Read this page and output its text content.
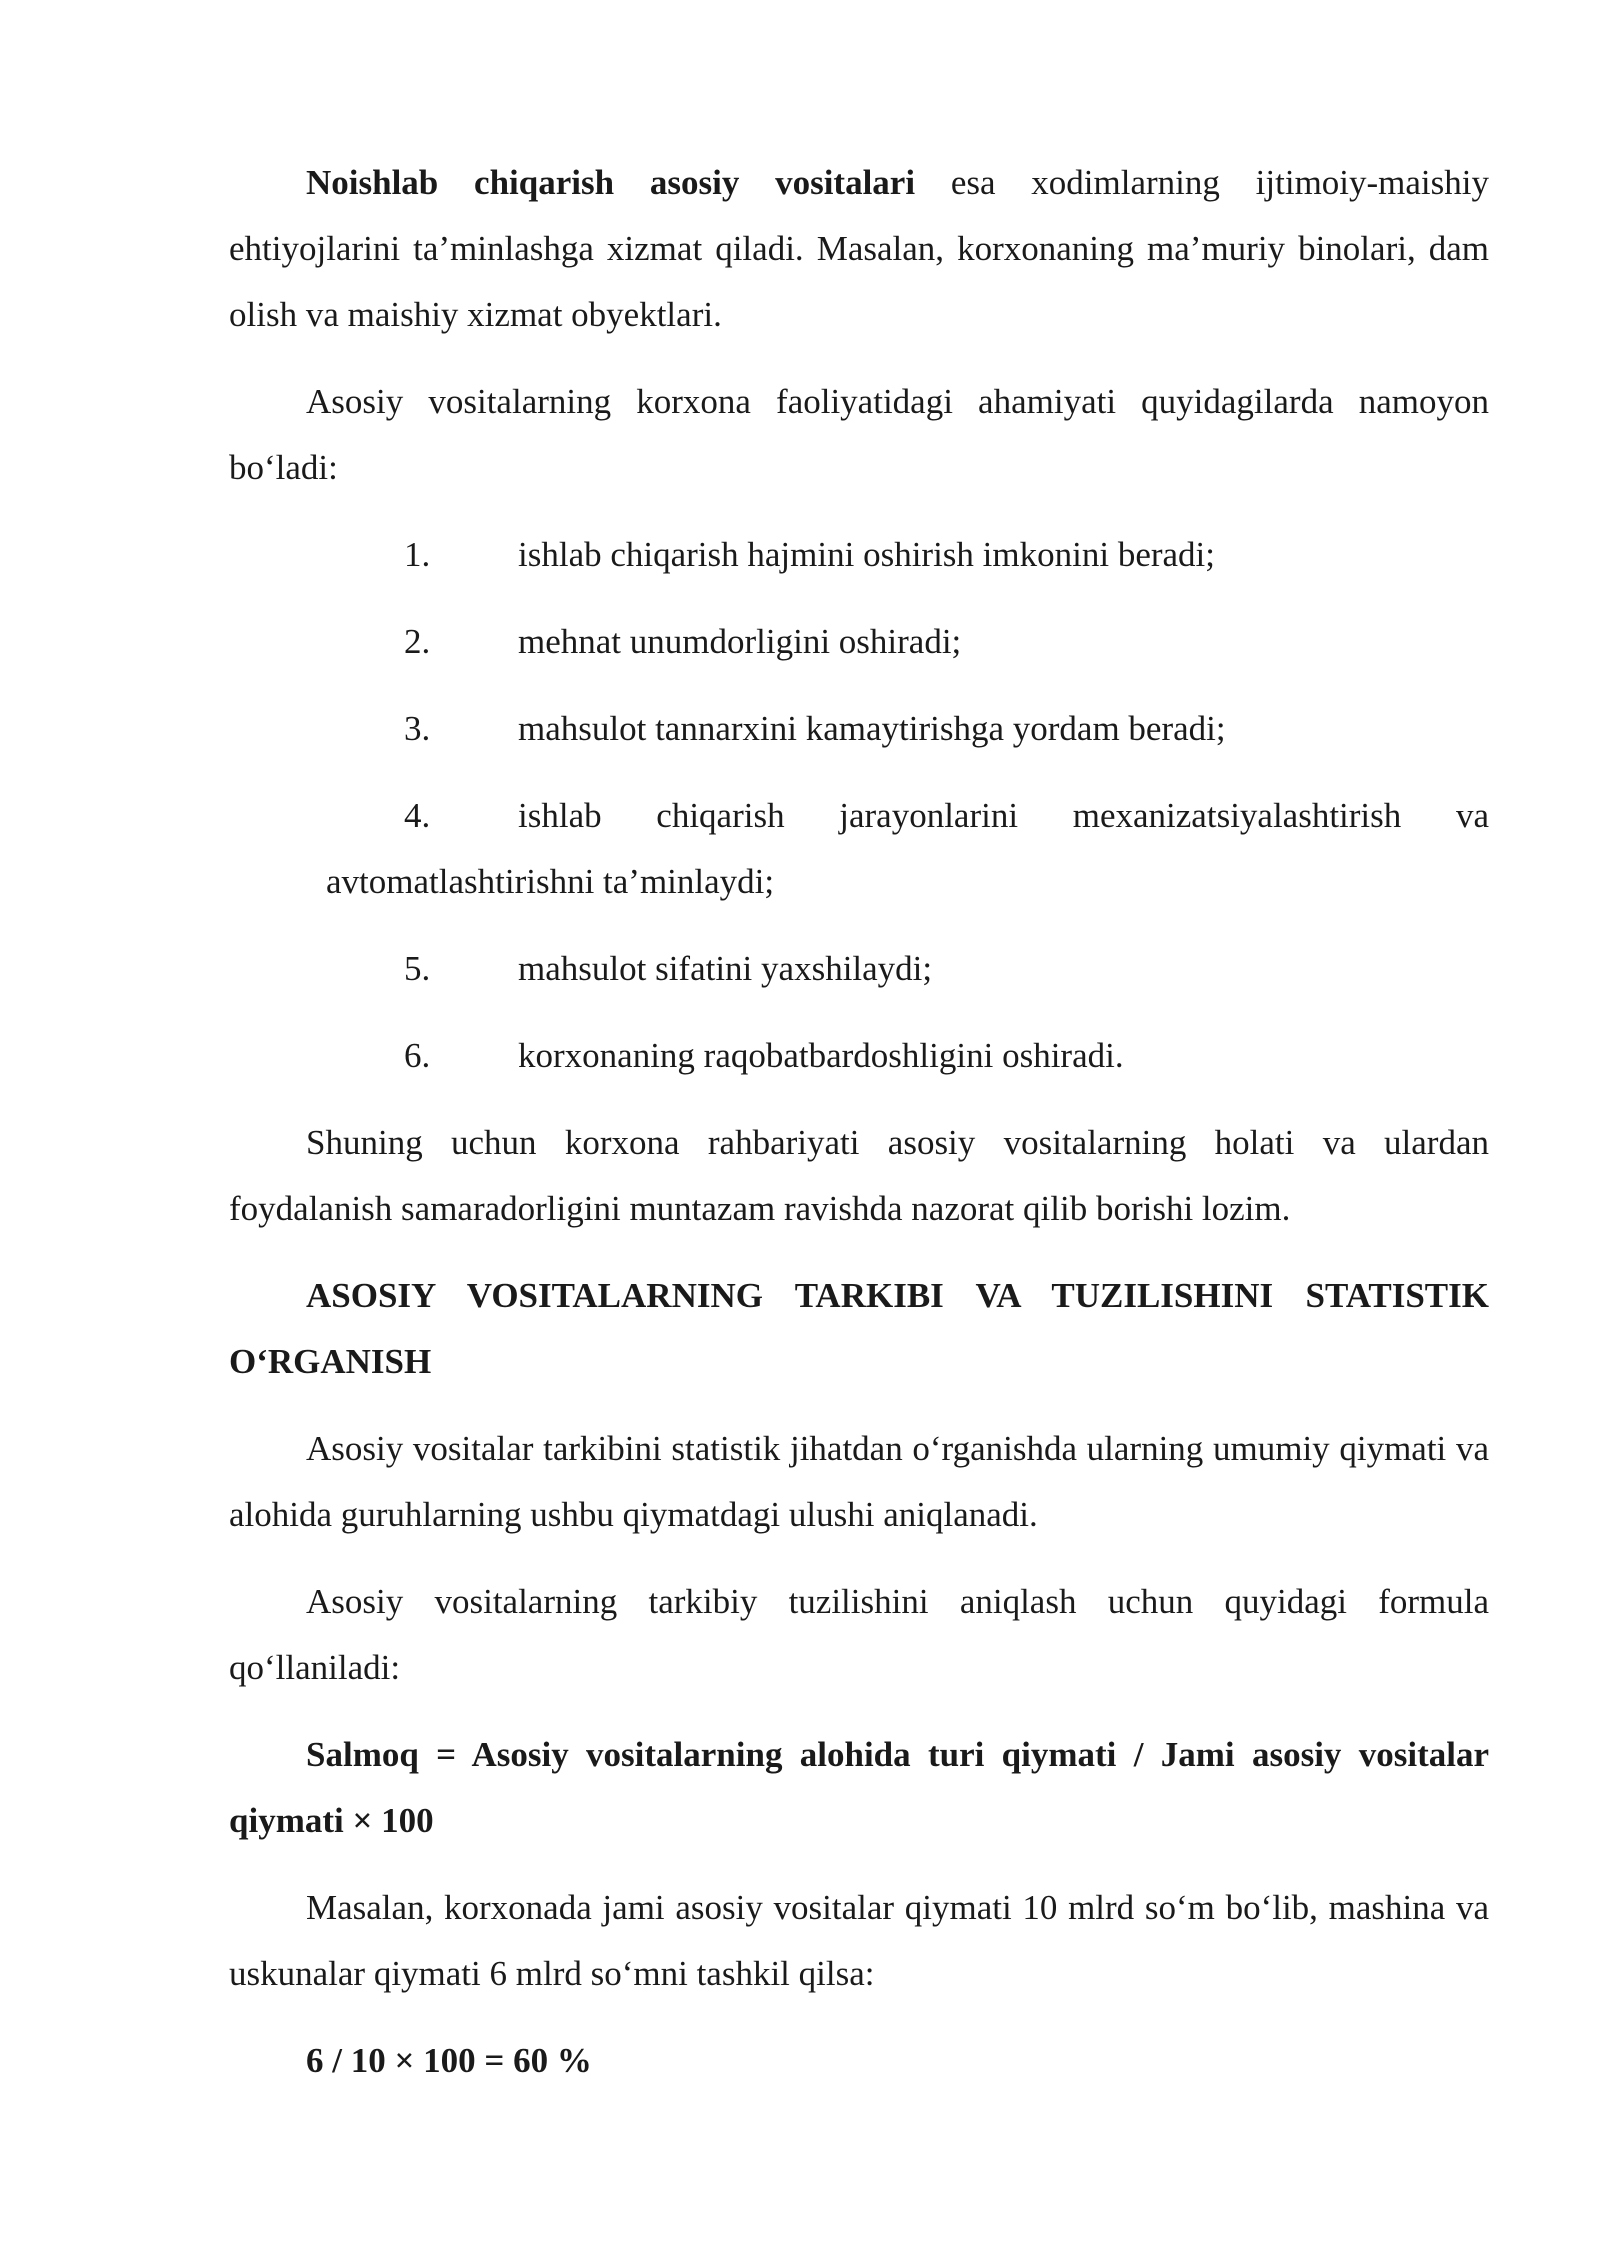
Noishlab chiqarish asosiy vositalari esa xodimlarning ijtimoiy-maishiy ehtiyojlarini ta’minlashga xizmat qiladi. Masalan, korxonaning ma’muriy binolari, dam olish va maishiy xizmat obyektlari.

Asosiy vositalarning korxona faoliyatidagi ahamiyati quyidagilarda namoyon bo‘ladi:

1.	ishlab chiqarish hajmini oshirish imkonini beradi;
2.	mehnat unumdorligini oshiradi;
3.	mahsulot tannarxini kamaytirishga yordam beradi;
4.	ishlab chiqarish jarayonlarini mexanizatsiyalashtirish va
avtomatlashtirishni ta’minlaydi;
5.	mahsulot sifatini yaxshilaydi;
6.	korxonaning raqobatbardoshligini oshiradi.

Shuning uchun korxona rahbariyati asosiy vositalarning holati va ulardan foydalanish samaradorligini muntazam ravishda nazorat qilib borishi lozim.

ASOSIY VOSITALARNING TARKIBI VA TUZILISHINI STATISTIK O‘RGANISH

Asosiy vositalar tarkibini statistik jihatdan o‘rganishda ularning umumiy qiymati va alohida guruhlarning ushbu qiymatdagi ulushi aniqlanadi.

Asosiy vositalarning tarkibiy tuzilishini aniqlash uchun quyidagi formula qo‘llaniladi:

Salmoq = Asosiy vositalarning alohida turi qiymati / Jami asosiy vositalar qiymati × 100

Masalan, korxonada jami asosiy vositalar qiymati 10 mlrd so‘m bo‘lib, mashina va uskunalar qiymati 6 mlrd so‘mni tashkil qilsa:

6 / 10 × 100 = 60 %
